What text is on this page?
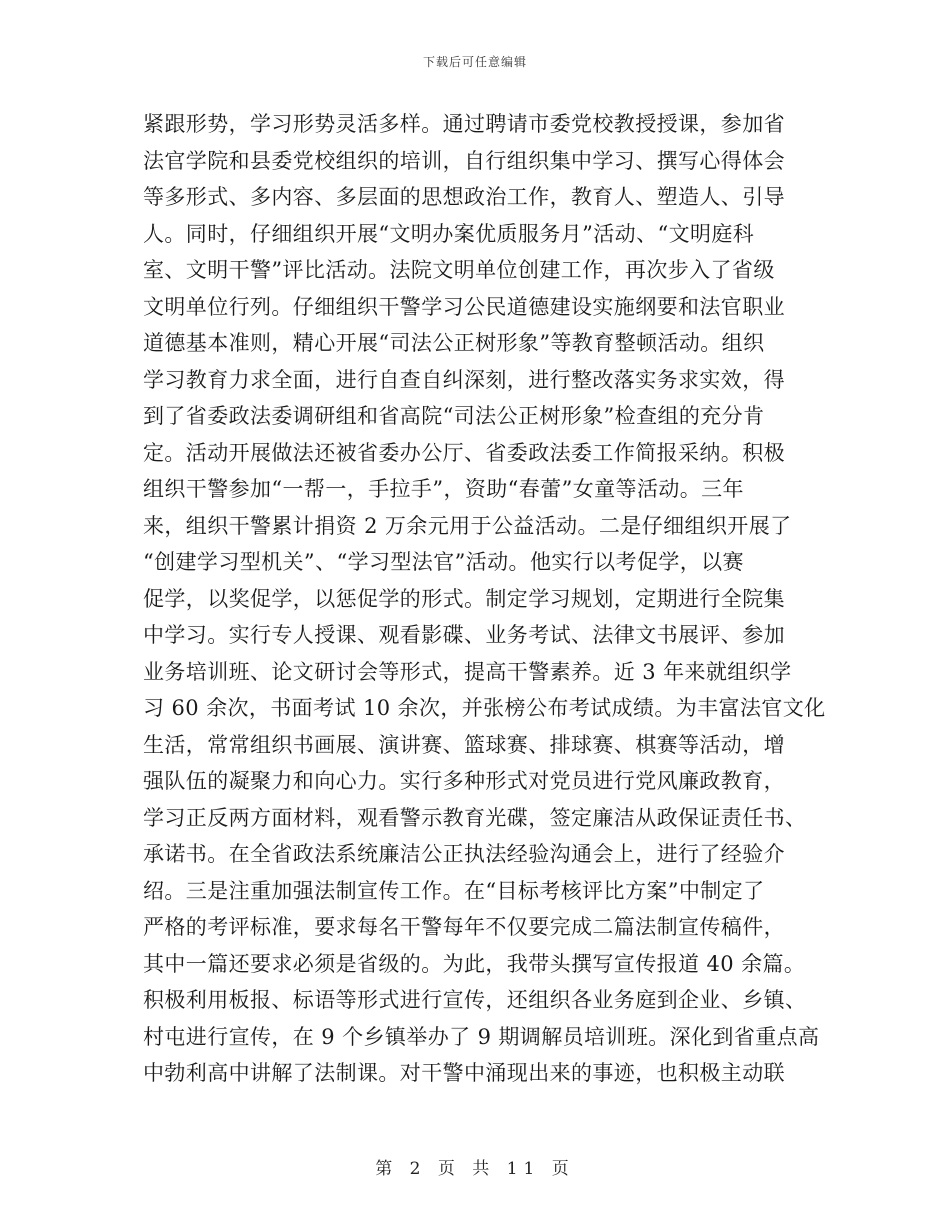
下载后可任意编辑
紧跟形势，学习形势灵活多样。通过聘请市委党校教授授课，参加省
法官学院和县委党校组织的培训，自行组织集中学习、撰写心得体会
等多形式、多内容、多层面的思想政治工作，教育人、塑造人、引导
人。同时，仔细组织开展“文明办案优质服务月”活动、“文明庭科
室、文明干警”评比活动。法院文明单位创建工作，再次步入了省级
文明单位行列。仔细组织干警学习公民道德建设实施纲要和法官职业
道德基本准则，精心开展“司法公正树形象”等教育整顿活动。组织
学习教育力求全面，进行自查自纠深刻，进行整改落实务求实效，得
到了省委政法委调研组和省高院“司法公正树形象”检查组的充分肯
定。活动开展做法还被省委办公厅、省委政法委工作简报采纳。积极
组织干警参加“一帮一，手拉手”，资助“春蕾”女童等活动。三年
来，组织干警累计捐资 2 万余元用于公益活动。二是仔细组织开展了
“创建学习型机关”、“学习型法官”活动。他实行以考促学，以赛
促学，以奖促学，以惩促学的形式。制定学习规划，定期进行全院集
中学习。实行专人授课、观看影碟、业务考试、法律文书展评、参加
业务培训班、论文研讨会等形式，提高干警素养。近 3 年来就组织学
习 60 余次，书面考试 10 余次，并张榜公布考试成绩。为丰富法官文化
生活，常常组织书画展、演讲赛、篮球赛、排球赛、棋赛等活动，增
强队伍的凝聚力和向心力。实行多种形式对党员进行党风廉政教育，
学习正反两方面材料，观看警示教育光碟，签定廉洁从政保证责任书、
承诺书。在全省政法系统廉洁公正执法经验沟通会上，进行了经验介
绍。三是注重加强法制宣传工作。在“目标考核评比方案”中制定了
严格的考评标准，要求每名干警每年不仅要完成二篇法制宣传稿件，
其中一篇还要求必须是省级的。为此，我带头撰写宣传报道 40 余篇。
积极利用板报、标语等形式进行宣传，还组织各业务庭到企业、乡镇、
村屯进行宣传，在 9 个乡镇举办了 9 期调解员培训班。深化到省重点高
中勃利高中讲解了法制课。对干警中涌现出来的事迹，也积极主动联
第 2 页 共 11 页
